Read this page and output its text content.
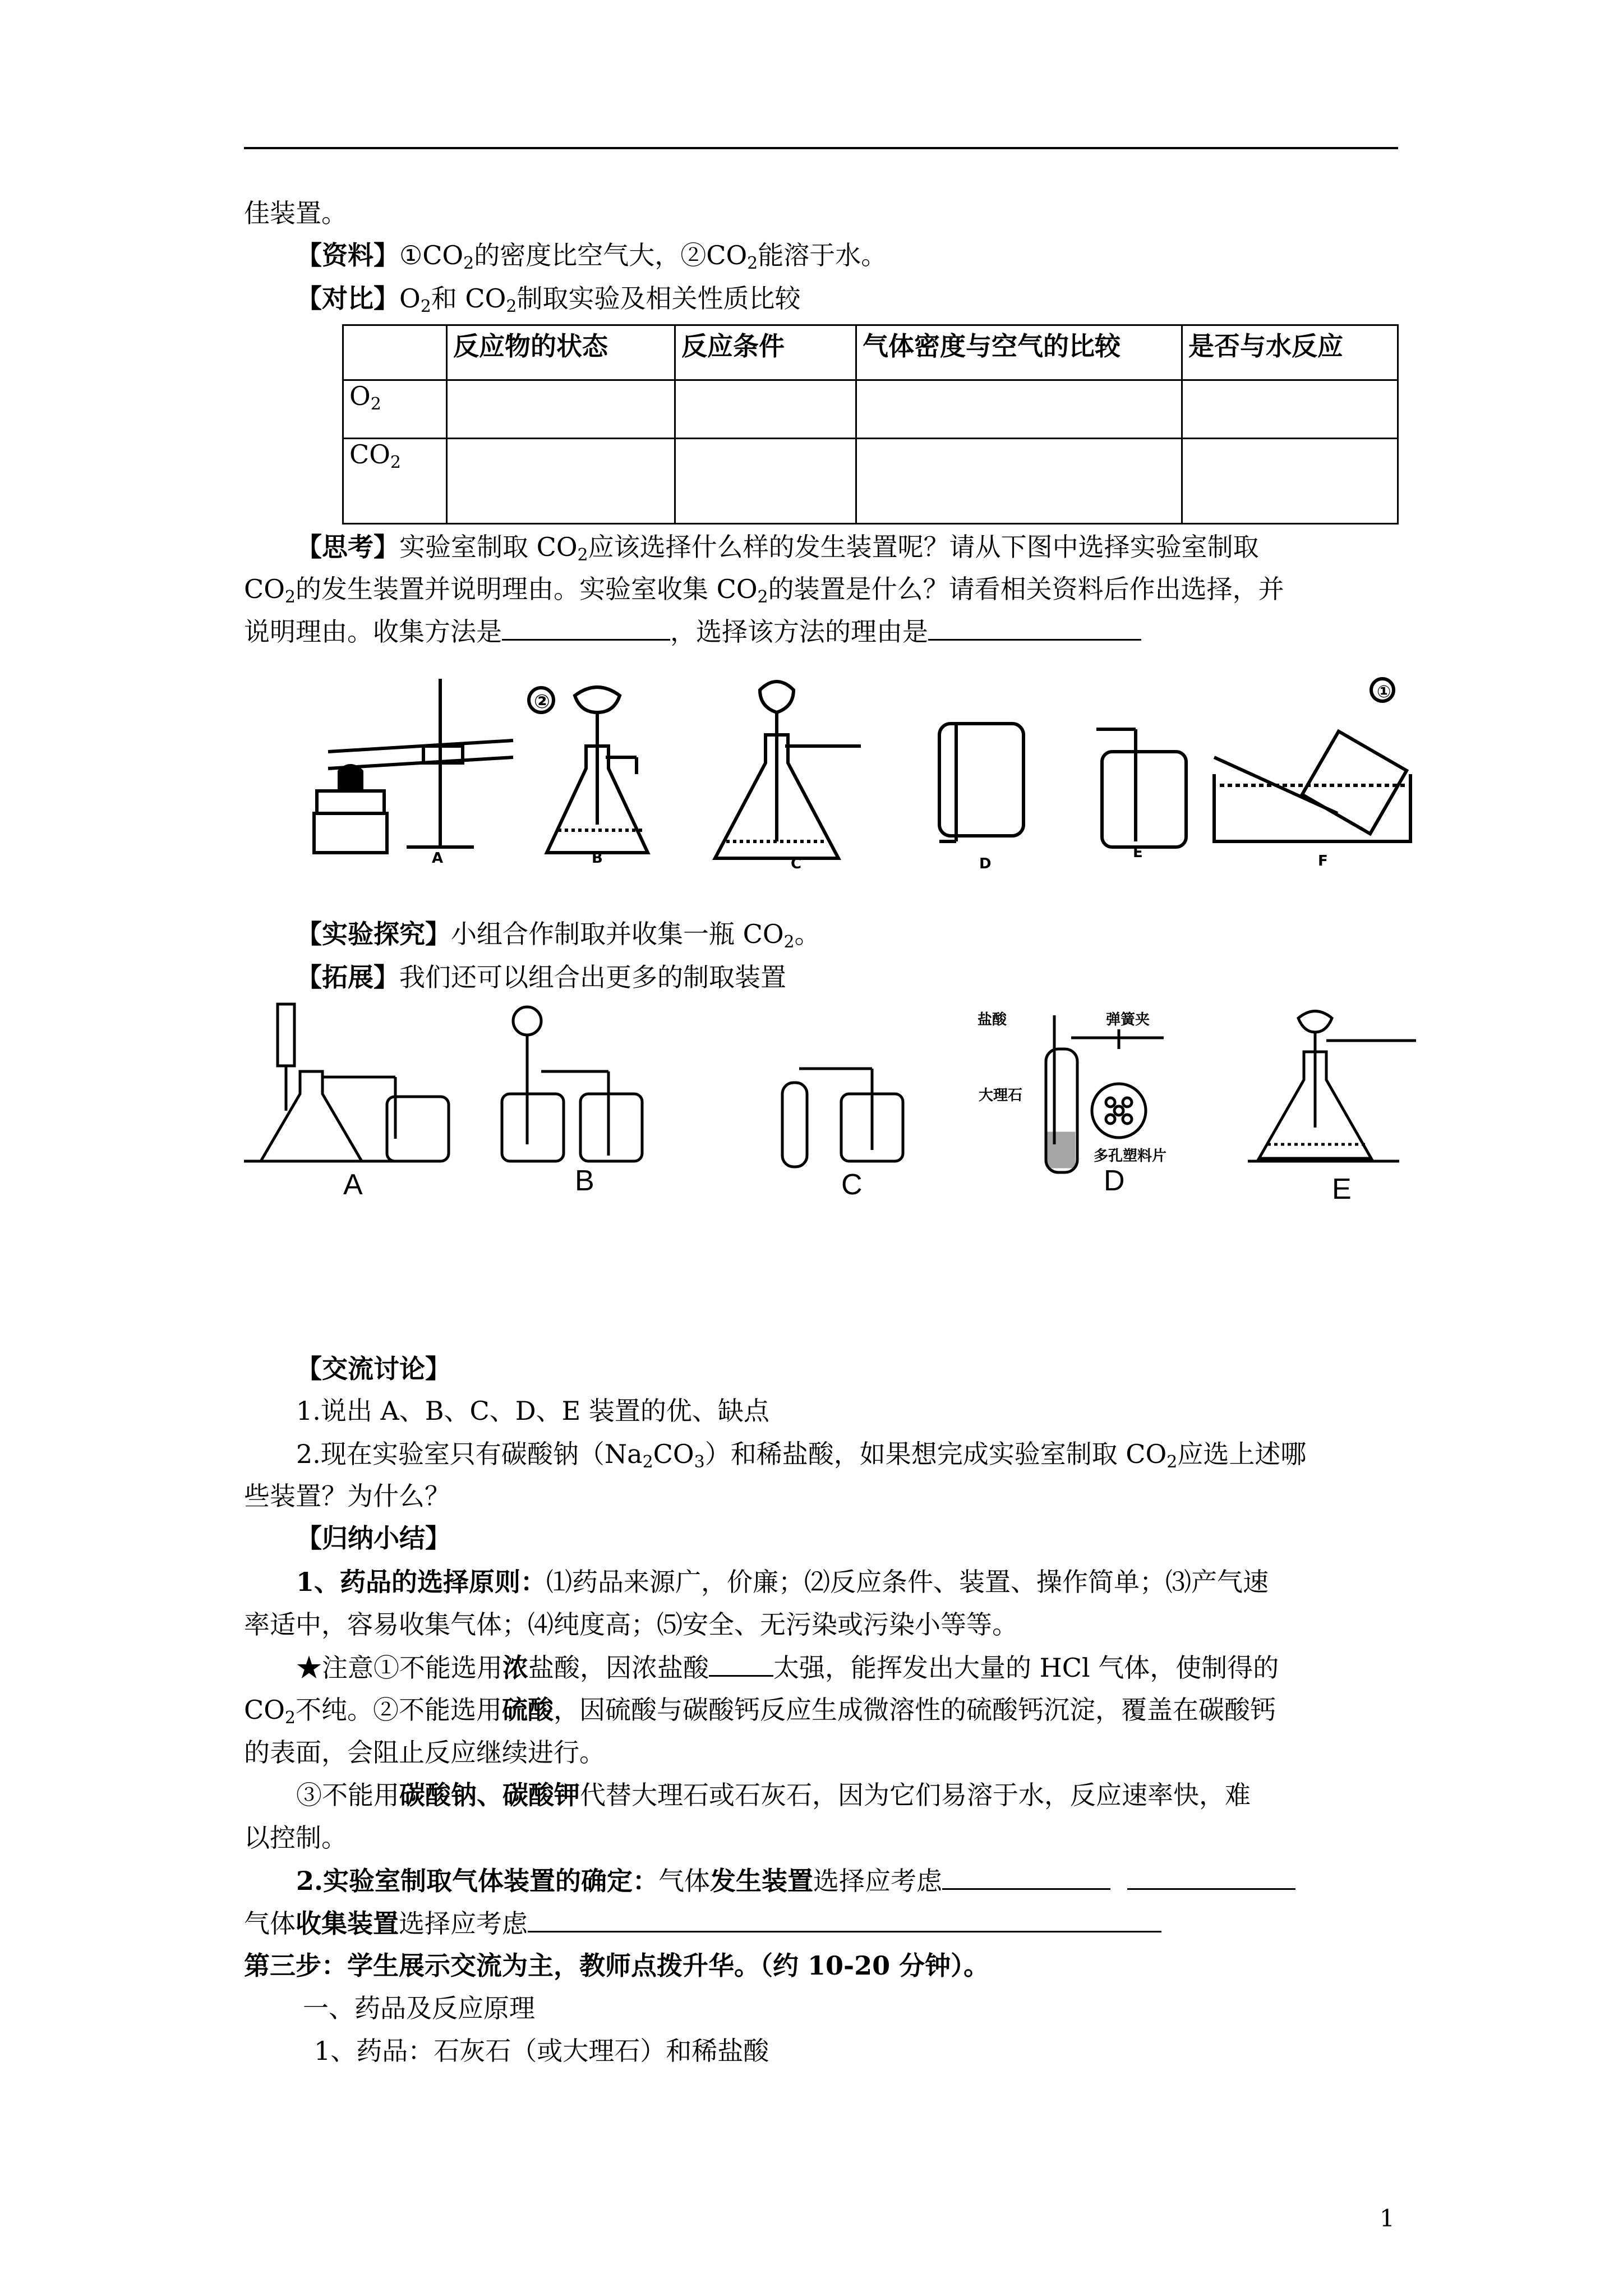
佳装置。
【资料】$①CO_2$的密度比空气大，$②CO_2$能溶于水。
【对比】$O_2$和 $CO_2$制取实验及相关性质比较
	反应物的状态	反应条件	气体密度与空气的比较	是否与水反应
$O_2$				
$CO_2$				
【思考】实验室制取 $CO_2$应该选择什么样的发生装置呢？请从下图中选择实验室制取
$CO_2$的发生装置并说明理由。实验室收集 $CO_2$的装置是什么？请看相关资料后作出选择，并
说明理由。收集方法是	，选择该方法的理由是
②	①
A	B	C	D
E	F
【实验探究】小组合作制取并收集一瓶 $CO_2$。
【拓展】我们还可以组合出更多的制取装置
盐酸	弹簧夹
大理石
多孔塑料片
A	B	C	D	E
【交流讨论】
1.说出 A、B、C、D、E 装置的优、缺点
2.现在实验室只有碳酸钠$(Na_2CO_3)$和稀盐酸，如果想完成实验室制取 $CO_2$应选上述哪
些装置？为什么？
【归纳小结】
1、药品的选择原则：⑴药品来源广，价廉；⑵反应条件、装置、操作简单；⑶产气速
率适中，容易收集气体；⑷纯度高；⑸安全、无污染或污染小等等。
★注意①不能选用浓盐酸，因浓盐酸	太强，能挥发出大量的 HCl 气体，使制得的
$CO_2$不纯。②不能选用硫酸，因硫酸与碳酸钙反应生成微溶性的硫酸钙沉淀，覆盖在碳酸钙
的表面，会阻止反应继续进行。
③不能用碳酸钠、碳酸钾代替大理石或石灰石，因为它们易溶于水，反应速率快，难
以控制。
2.实验室制取气体装置的确定：气体发生装置选择应考虑
气体收集装置选择应考虑
第三步：学生展示交流为主，教师点拨升华。（约 10-20 分钟）。
一、药品及反应原理
1、药品：石灰石（或大理石）和稀盐酸
1
